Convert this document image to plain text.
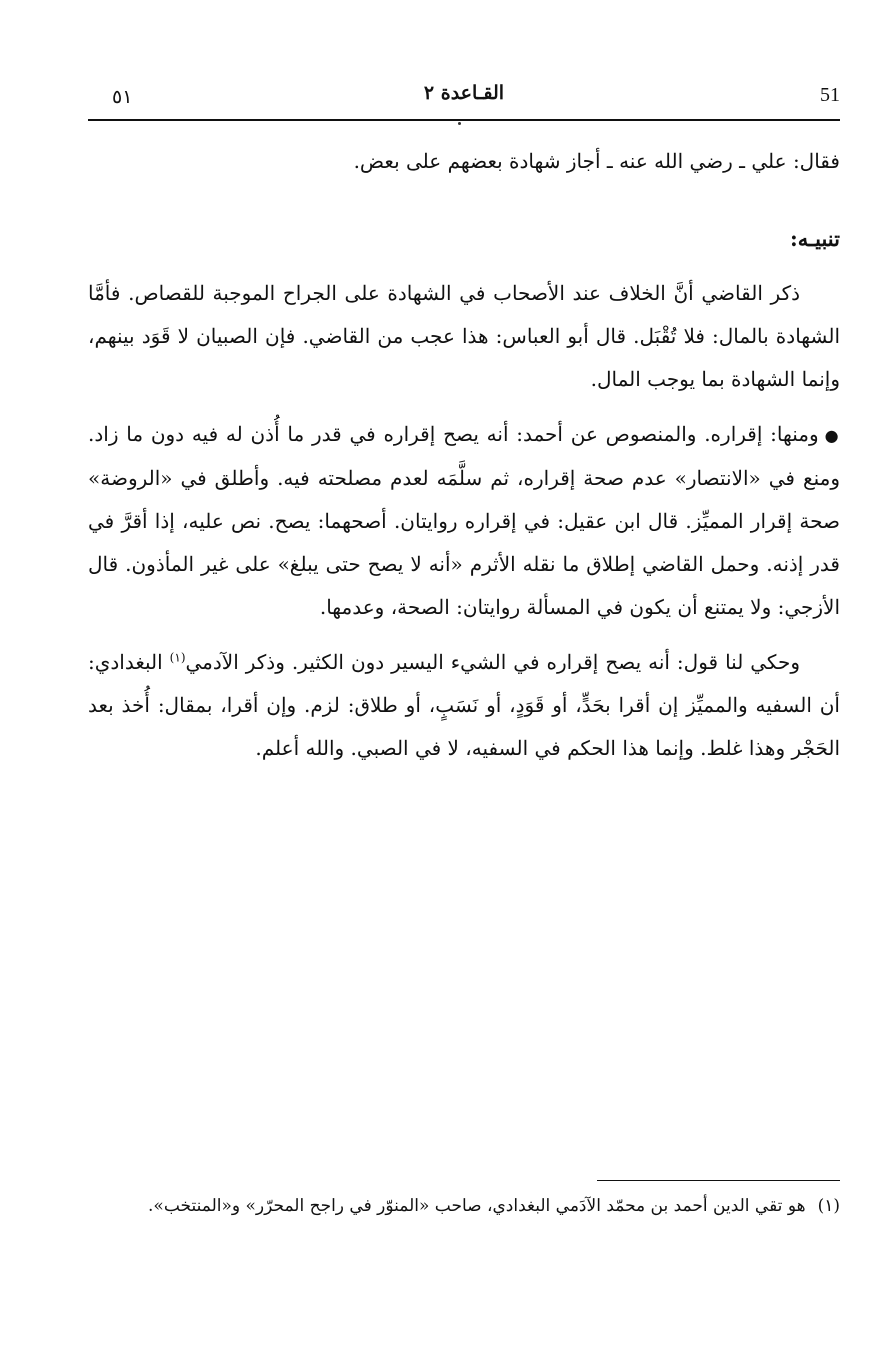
51
القـاعدة ٢
٥١

فقال: علي ـ رضي الله عنه ـ أجاز شهادة بعضهم على بعض.

تنبيـه:

ذكر القاضي أنَّ الخلاف عند الأصحاب في الشهادة على الجراح الموجبة للقصاص. فأمَّا الشهادة بالمال: فلا تُقْبَل. قال أبو العباس: هذا عجب من القاضي. فإن الصبيان لا قَوَد بينهم، وإنما الشهادة بما يوجب المال.

●ومنها: إقراره. والمنصوص عن أحمد: أنه يصح إقراره في قدر ما أُذن له فيه دون ما زاد. ومنع في «الانتصار» عدم صحة إقراره، ثم سلَّمَه لعدم مصلحته فيه. وأطلق في «الروضة» صحة إقرار المميِّز. قال ابن عقيل: في إقراره روايتان. أصحهما: يصح. نص عليه، إذا أقرَّ في قدر إذنه. وحمل القاضي إطلاق ما نقله الأثرم «أنه لا يصح حتى يبلغ» على غير المأذون. قال الأزجي: ولا يمتنع أن يكون في المسألة روايتان: الصحة، وعدمها.

وحكي لنا قول: أنه يصح إقراره في الشيء اليسير دون الكثير. وذكر الآدمي$^{(١)}$ البغدادي: أن السفيه والمميِّز إن أقرا بحَدٍّ، أو قَوَدٍ، أو نَسَبٍ، أو طلاق: لزم. وإن أقرا، بمقال: أُخذ بعد الحَجْر وهذا غلط. وإنما هذا الحكم في السفيه، لا في الصبي. والله أعلم.

(١)هو تقي الدين أحمد بن محمّد الآدَمي البغدادي، صاحب «المنوّر في راجح المحرّر» و«المنتخب».
